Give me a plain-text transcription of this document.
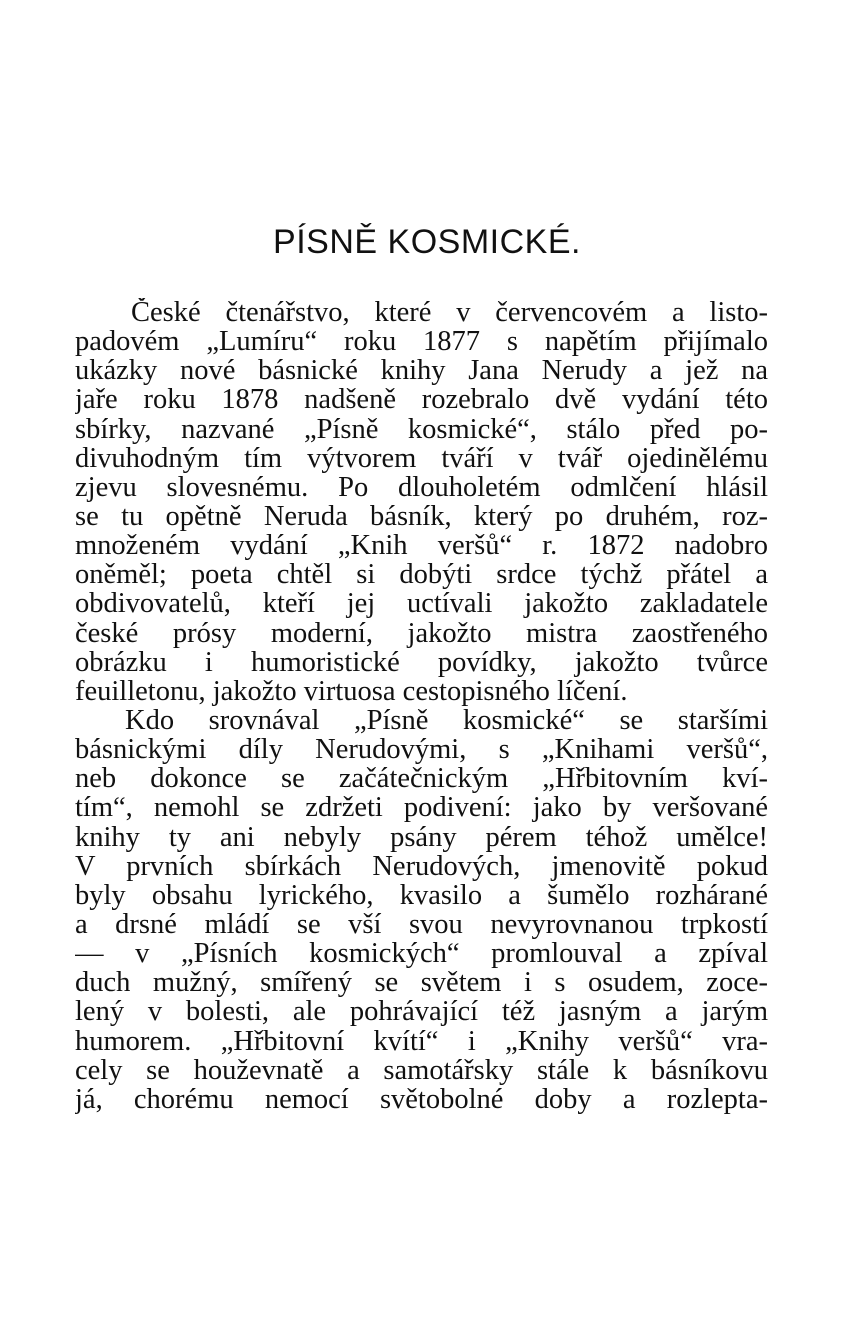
PÍSNĚ KOSMICKÉ.
České čtenářstvo, které v červencovém a listo-
padovém „Lumíru“ roku 1877 s napětím přijímalo
ukázky nové básnické knihy Jana Nerudy a jež na
jaře roku 1878 nadšeně rozebralo dvě vydání této
sbírky, nazvané „Písně kosmické“, stálo před po-
divuhodným tím výtvorem tváří v tvář ojedinělému
zjevu slovesnému. Po dlouholetém odmlčení hlásil
se tu opětně Neruda básník, který po druhém, roz-
množeném vydání „Knih veršů“ r. 1872 nadobro
oněměl; poeta chtěl si dobýti srdce týchž přátel a
obdivovatelů, kteří jej uctívali jakožto zakladatele
české prósy moderní, jakožto mistra zaostřeného
obrázku i humoristické povídky, jakožto tvůrce
feuilletonu, jakožto virtuosa cestopisného líčení.
Kdo srovnával „Písně kosmické“ se staršími
básnickými díly Nerudovými, s „Knihami veršů“,
neb dokonce se začátečnickým „Hřbitovním kví-
tím“, nemohl se zdržeti podivení: jako by veršované
knihy ty ani nebyly psány pérem téhož umělce!
V prvních sbírkách Nerudových, jmenovitě pokud
byly obsahu lyrického, kvasilo a šumělo rozhárané
a drsné mládí se vší svou nevyrovnanou trpkostí
— v „Písních kosmických“ promlouval a zpíval
duch mužný, smířený se světem i s osudem, zoce-
lený v bolesti, ale pohrávající též jasným a jarým
humorem. „Hřbitovní kvítí“ i „Knihy veršů“ vra-
cely se houževnatě a samotářsky stále k básníkovu
já, chorému nemocí světobolné doby a rozlepta-
